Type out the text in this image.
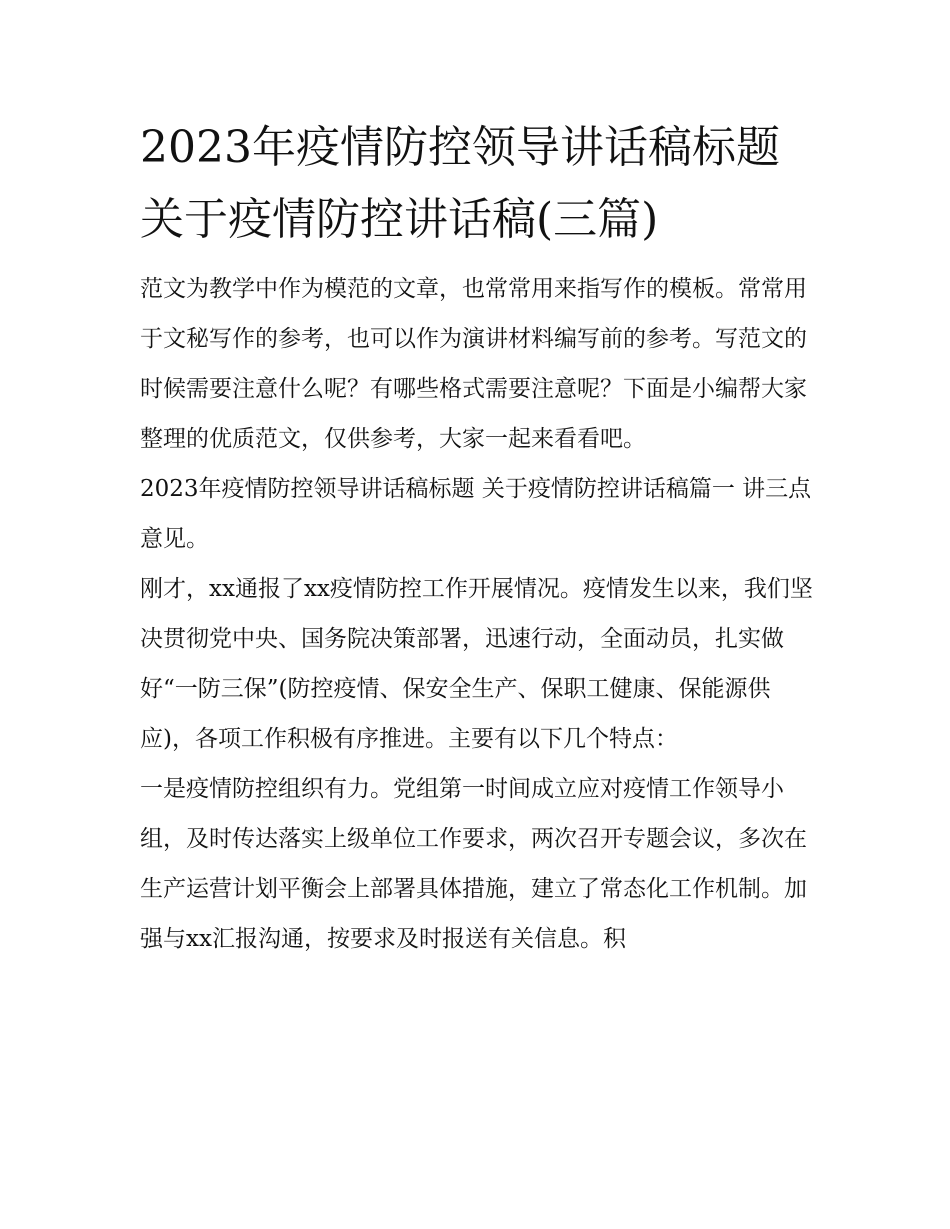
2023年疫情防控领导讲话稿标题 关于疫情防控讲话稿(三篇)

范文为教学中作为模范的文章，也常常用来指写作的模板。常常用于文秘写作的参考，也可以作为演讲材料编写前的参考。写范文的时候需要注意什么呢？有哪些格式需要注意呢？下面是小编帮大家整理的优质范文，仅供参考，大家一起来看看吧。

2023年疫情防控领导讲话稿标题 关于疫情防控讲话稿篇一 讲三点意见。

刚才，xx通报了xx疫情防控工作开展情况。疫情发生以来，我们坚决贯彻党中央、国务院决策部署，迅速行动，全面动员，扎实做好“一防三保”(防控疫情、保安全生产、保职工健康、保能源供应)，各项工作积极有序推进。主要有以下几个特点：

一是疫情防控组织有力。党组第一时间成立应对疫情工作领导小组，及时传达落实上级单位工作要求，两次召开专题会议，多次在生产运营计划平衡会上部署具体措施，建立了常态化工作机制。加强与xx汇报沟通，按要求及时报送有关信息。积
